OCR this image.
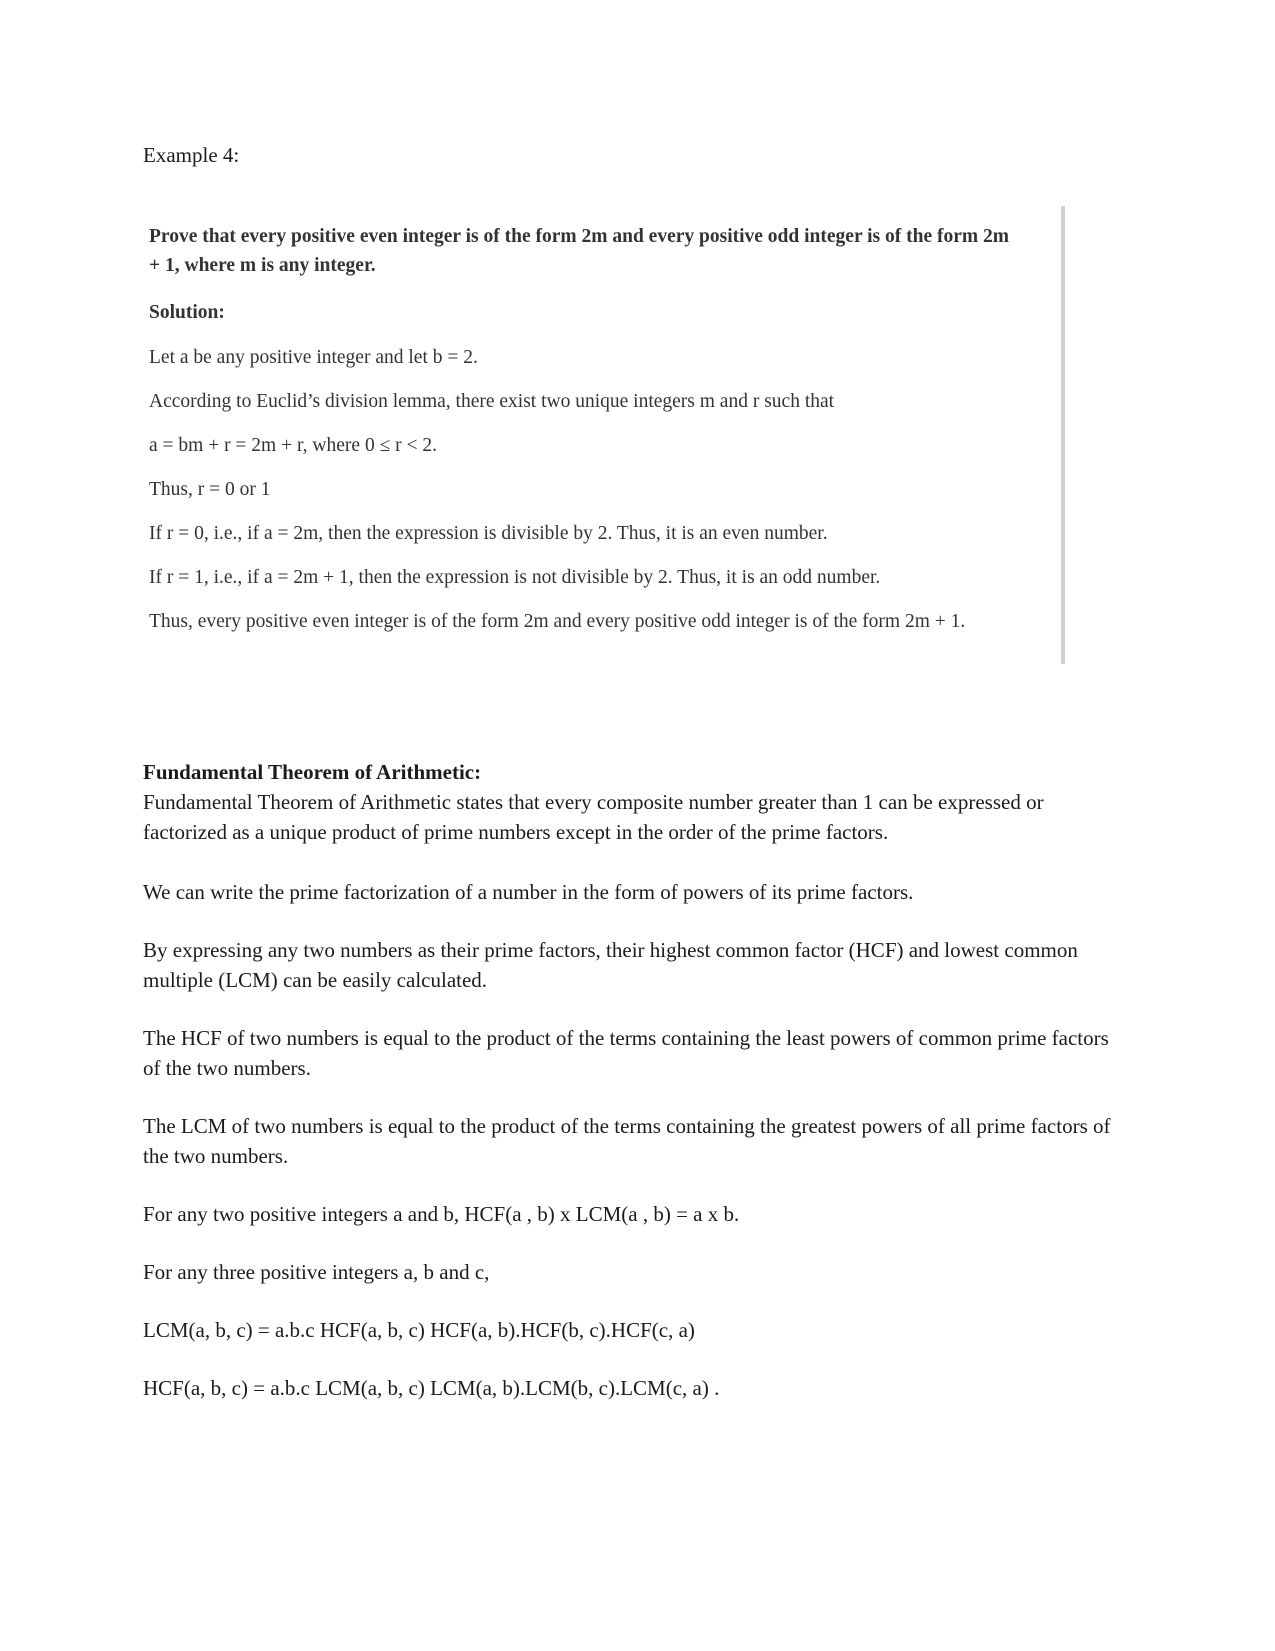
Example 4:
Prove that every positive even integer is of the form 2m and every positive odd integer is of the form 2m + 1, where m is any integer.
Solution:
Let a be any positive integer and let b = 2.
According to Euclid’s division lemma, there exist two unique integers m and r such that
a = bm + r = 2m + r, where 0 ≤ r < 2.
Thus, r = 0 or 1
If r = 0, i.e., if a = 2m, then the expression is divisible by 2. Thus, it is an even number.
If r = 1, i.e., if a = 2m + 1, then the expression is not divisible by 2. Thus, it is an odd number.
Thus, every positive even integer is of the form 2m and every positive odd integer is of the form 2m + 1.
Fundamental Theorem of Arithmetic:
Fundamental Theorem of Arithmetic states that every composite number greater than 1 can be expressed or factorized as a unique product of prime numbers except in the order of the prime factors.
We can write the prime factorization of a number in the form of powers of its prime factors.
By expressing any two numbers as their prime factors, their highest common factor (HCF) and lowest common multiple (LCM) can be easily calculated.
The HCF of two numbers is equal to the product of the terms containing the least powers of common prime factors of the two numbers.
The LCM of two numbers is equal to the product of the terms containing the greatest powers of all prime factors of the two numbers.
For any two positive integers a and b, HCF(a , b) x LCM(a , b) = a x b.
For any three positive integers a, b and c,
LCM(a, b, c) = a.b.c HCF(a, b, c) HCF(a, b).HCF(b, c).HCF(c, a)
HCF(a, b, c) = a.b.c LCM(a, b, c) LCM(a, b).LCM(b, c).LCM(c, a) .
